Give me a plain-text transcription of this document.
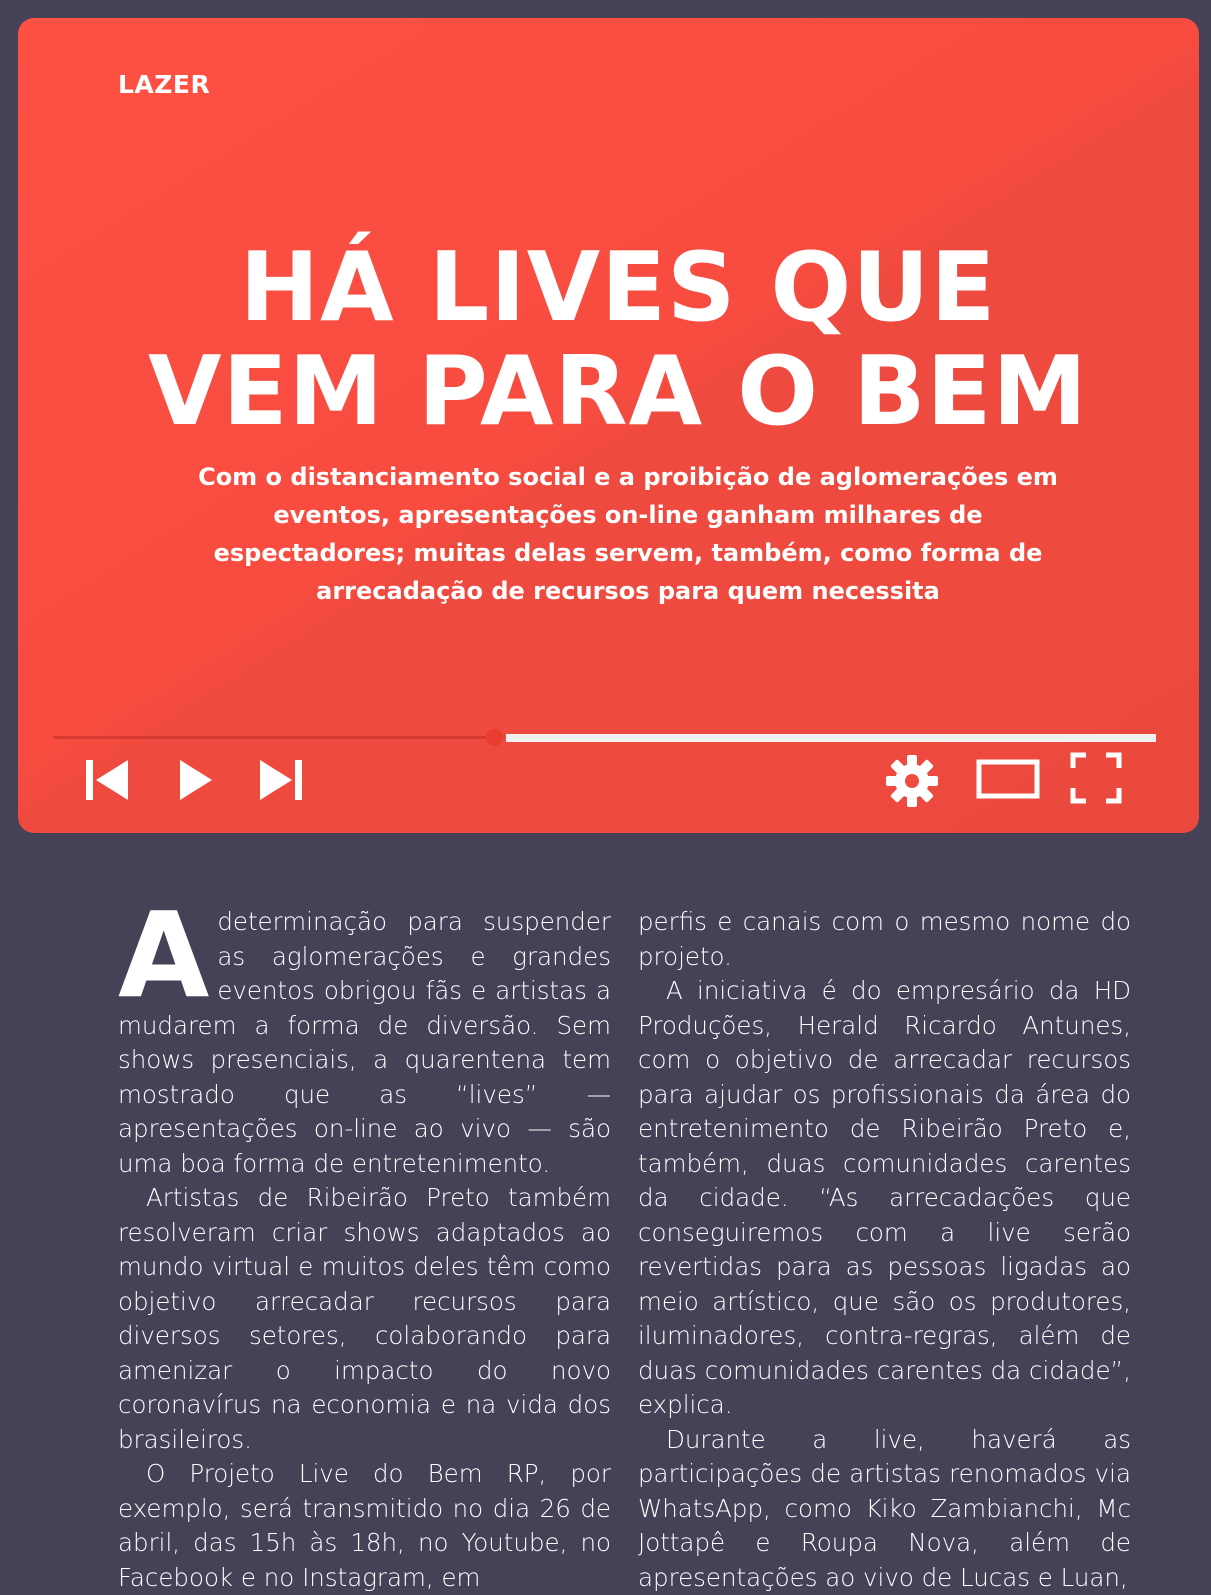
LAZER
HÁ LIVES QUE
VEM PARA O BEM
Com o distanciamento social e a proibição de aglomerações em eventos, apresentações on-line ganham milhares de espectadores; muitas delas servem, também, como forma de arrecadação de recursos para quem necessita

Adeterminação para suspender as aglomerações e grandes eventos obrigou fãs e artistas a mudarem a forma de diversão. Sem shows presenciais, a quarentena tem mostrado que as “lives” — apresentações on-line ao vivo — são uma boa forma de entretenimento.

Artistas de Ribeirão Preto também resolveram criar shows adaptados ao mundo virtual e muitos deles têm como objetivo arrecadar recursos para diversos setores, colaborando para amenizar o impacto do novo coronavírus na economia e na vida dos brasileiros.

O Projeto Live do Bem RP, por exemplo, será transmitido no dia 26 de abril, das 15h às 18h, no Youtube, no Facebook e no Instagram, em

perfis e canais com o mesmo nome do projeto.

A iniciativa é do empresário da HD Produções, Herald Ricardo Antunes, com o objetivo de arrecadar recursos para ajudar os profissionais da área do entretenimento de Ribeirão Preto e, também, duas comunidades carentes da cidade. “As arrecadações que conseguiremos com a live serão revertidas para as pessoas ligadas ao meio artístico, que são os produtores, iluminadores, contra-regras, além de duas comunidades carentes da cidade”, explica.

Durante a live, haverá as participações de artistas renomados via WhatsApp, como Kiko Zambianchi, Mc Jottapê e Roupa Nova, além de apresentações ao vivo de Lucas e Luan,
